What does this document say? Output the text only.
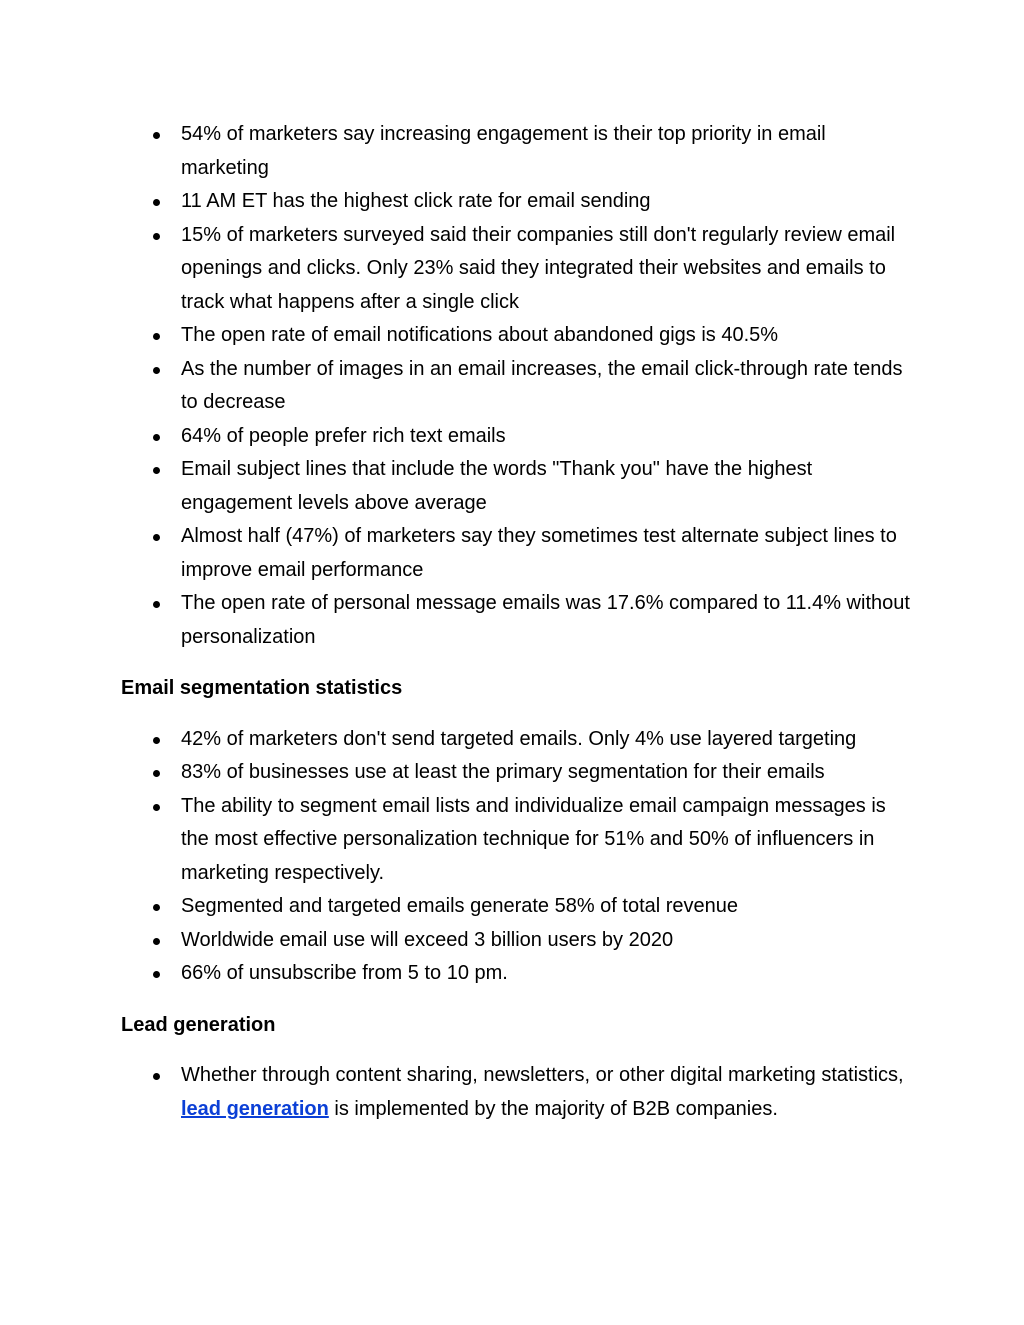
54% of marketers say increasing engagement is their top priority in email marketing
11 AM ET has the highest click rate for email sending
15% of marketers surveyed said their companies still don't regularly review email openings and clicks. Only 23% said they integrated their websites and emails to track what happens after a single click
The open rate of email notifications about abandoned gigs is 40.5%
As the number of images in an email increases, the email click-through rate tends to decrease
64% of people prefer rich text emails
Email subject lines that include the words "Thank you" have the highest engagement levels above average
Almost half (47%) of marketers say they sometimes test alternate subject lines to improve email performance
The open rate of personal message emails was 17.6% compared to 11.4% without personalization
Email segmentation statistics
42% of marketers don't send targeted emails. Only 4% use layered targeting
83% of businesses use at least the primary segmentation for their emails
The ability to segment email lists and individualize email campaign messages is the most effective personalization technique for 51% and 50% of influencers in marketing respectively.
Segmented and targeted emails generate 58% of total revenue
Worldwide email use will exceed 3 billion users by 2020
66% of unsubscribe from 5 to 10 pm.
Lead generation
Whether through content sharing, newsletters, or other digital marketing statistics, lead generation is implemented by the majority of B2B companies.
